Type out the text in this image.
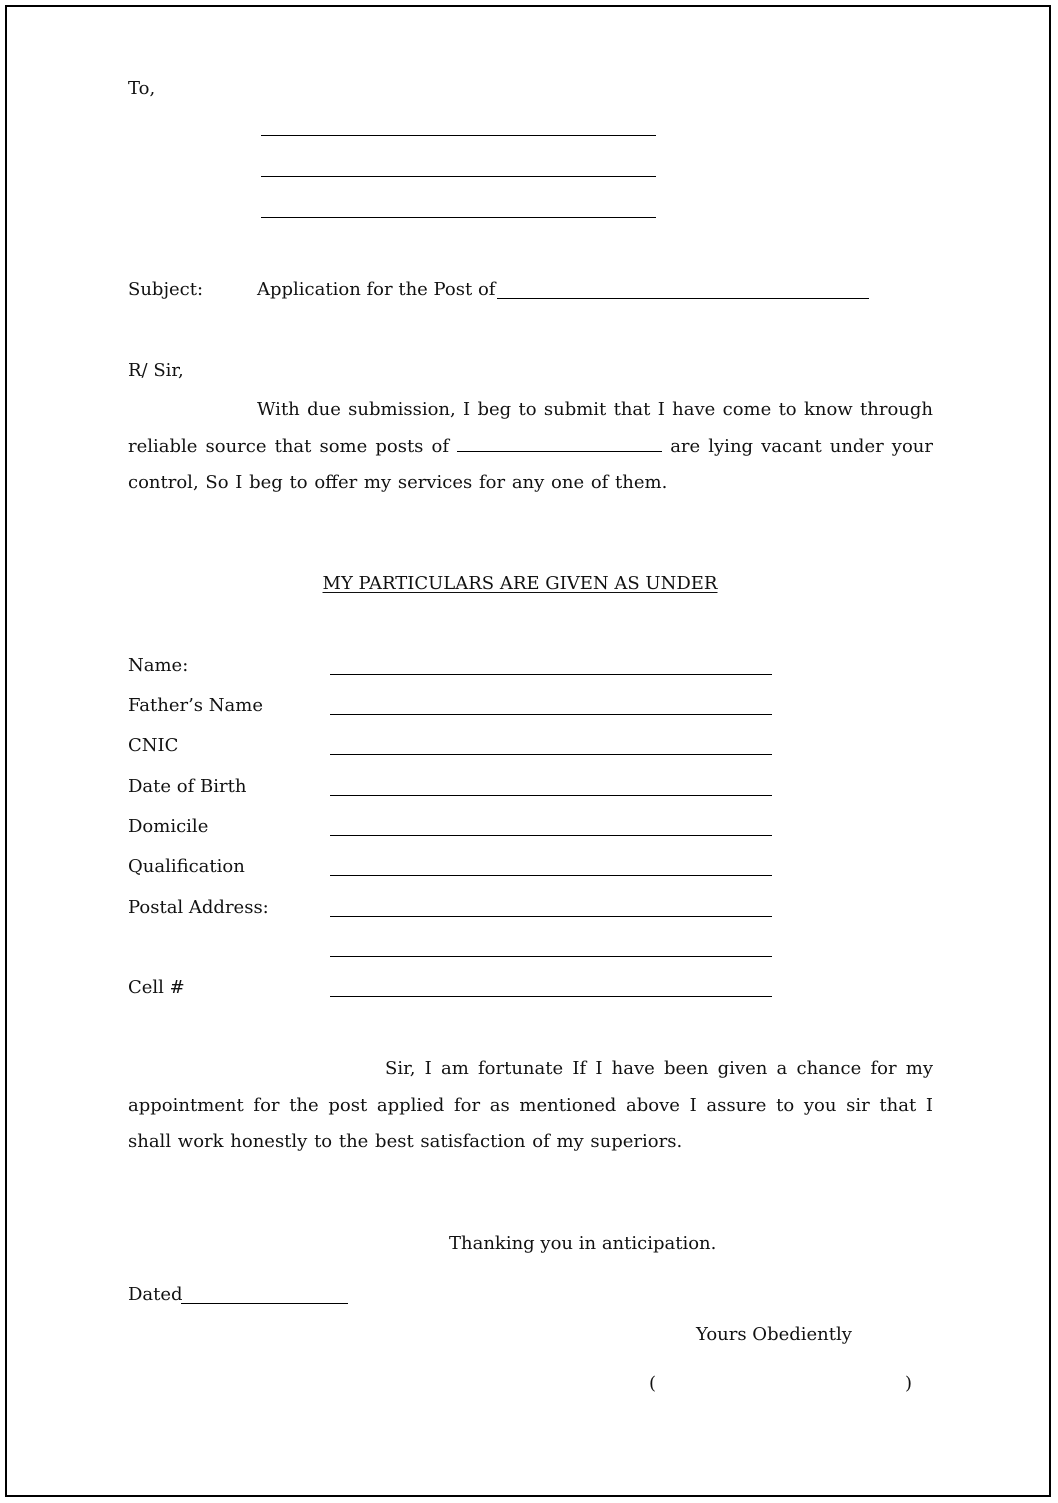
To,
Subject:	Application for the Post of
R/ Sir,
With due submission, I beg to submit that I have come to know through reliable source that some posts of	are lying vacant under your control, So I beg to offer my services for any one of them.
MY PARTICULARS ARE GIVEN AS UNDER
Name:
Father’s Name
CNIC
Date of Birth
Domicile
Qualification
Postal Address:
Cell #
Sir, I am fortunate If I have been given a chance for my appointment for the post applied for as mentioned above I assure to you sir that I shall work honestly to the best satisfaction of my superiors.
Thanking you in anticipation.
Dated
Yours Obediently
(	)
